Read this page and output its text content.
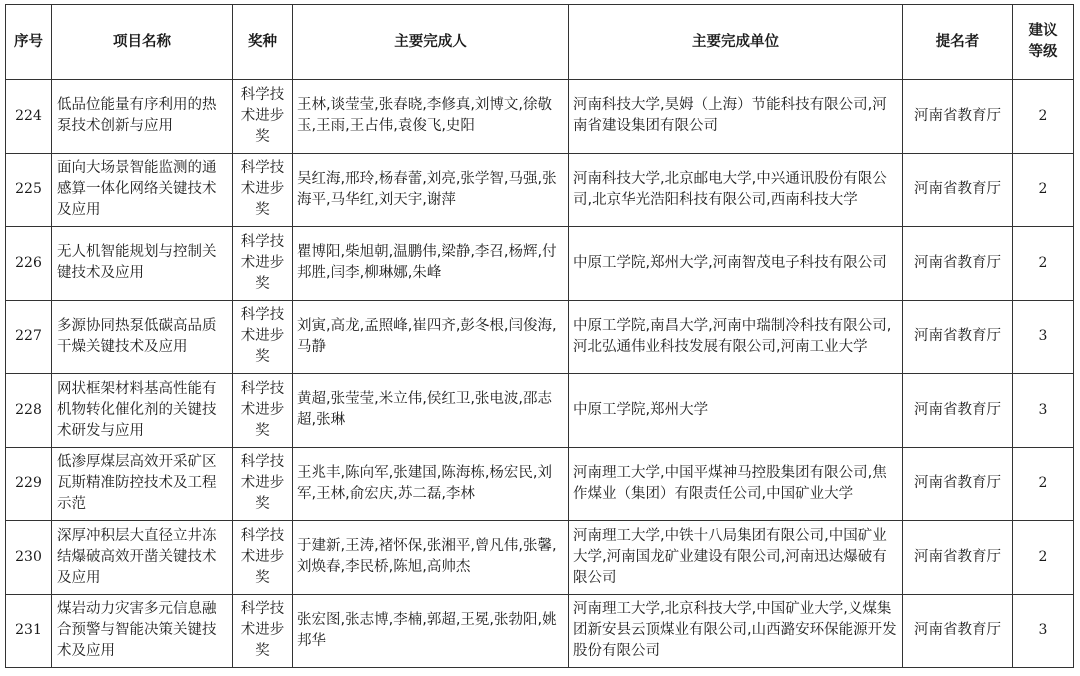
序号	项目名称	奖种	主要完成人	主要完成单位	提名者	建议等级
224	低品位能量有序利用的热泵技术创新与应用	科学技术进步奖	王林,谈莹莹,张春晓,李修真,刘博文,徐敬玉,王雨,王占伟,袁俊飞,史阳	河南科技大学,昊姆（上海）节能科技有限公司,河南省建设集团有限公司	河南省教育厅	2
225	面向大场景智能监测的通感算一体化网络关键技术及应用	科学技术进步奖	吴红海,邢玲,杨春蕾,刘亮,张学智,马强,张海平,马华红,刘天宇,谢萍	河南科技大学,北京邮电大学,中兴通讯股份有限公司,北京华光浩阳科技有限公司,西南科技大学	河南省教育厅	2
226	无人机智能规划与控制关键技术及应用	科学技术进步奖	瞿博阳,柴旭朝,温鹏伟,梁静,李召,杨辉,付邦胜,闫李,柳琳娜,朱峰	中原工学院,郑州大学,河南智茂电子科技有限公司	河南省教育厅	2
227	多源协同热泵低碳高品质干燥关键技术及应用	科学技术进步奖	刘寅,高龙,孟照峰,崔四齐,彭冬根,闫俊海,马静	中原工学院,南昌大学,河南中瑞制冷科技有限公司,河北弘通伟业科技发展有限公司,河南工业大学	河南省教育厅	3
228	网状框架材料基高性能有机物转化催化剂的关键技术研发与应用	科学技术进步奖	黄超,张莹莹,米立伟,侯红卫,张电波,邵志超,张琳	中原工学院,郑州大学	河南省教育厅	3
229	低渗厚煤层高效开采矿区瓦斯精准防控技术及工程示范	科学技术进步奖	王兆丰,陈向军,张建国,陈海栋,杨宏民,刘军,王林,俞宏庆,苏二磊,李林	河南理工大学,中国平煤神马控股集团有限公司,焦作煤业（集团）有限责任公司,中国矿业大学	河南省教育厅	2
230	深厚冲积层大直径立井冻结爆破高效开凿关键技术及应用	科学技术进步奖	于建新,王涛,褚怀保,张湘平,曾凡伟,张馨,刘焕春,李民桥,陈旭,高帅杰	河南理工大学,中铁十八局集团有限公司,中国矿业大学,河南国龙矿业建设有限公司,河南迅达爆破有限公司	河南省教育厅	2
231	煤岩动力灾害多元信息融合预警与智能决策关键技术及应用	科学技术进步奖	张宏图,张志博,李楠,郭超,王冕,张勃阳,姚邦华	河南理工大学,北京科技大学,中国矿业大学,义煤集团新安县云顶煤业有限公司,山西潞安环保能源开发股份有限公司	河南省教育厅	3
